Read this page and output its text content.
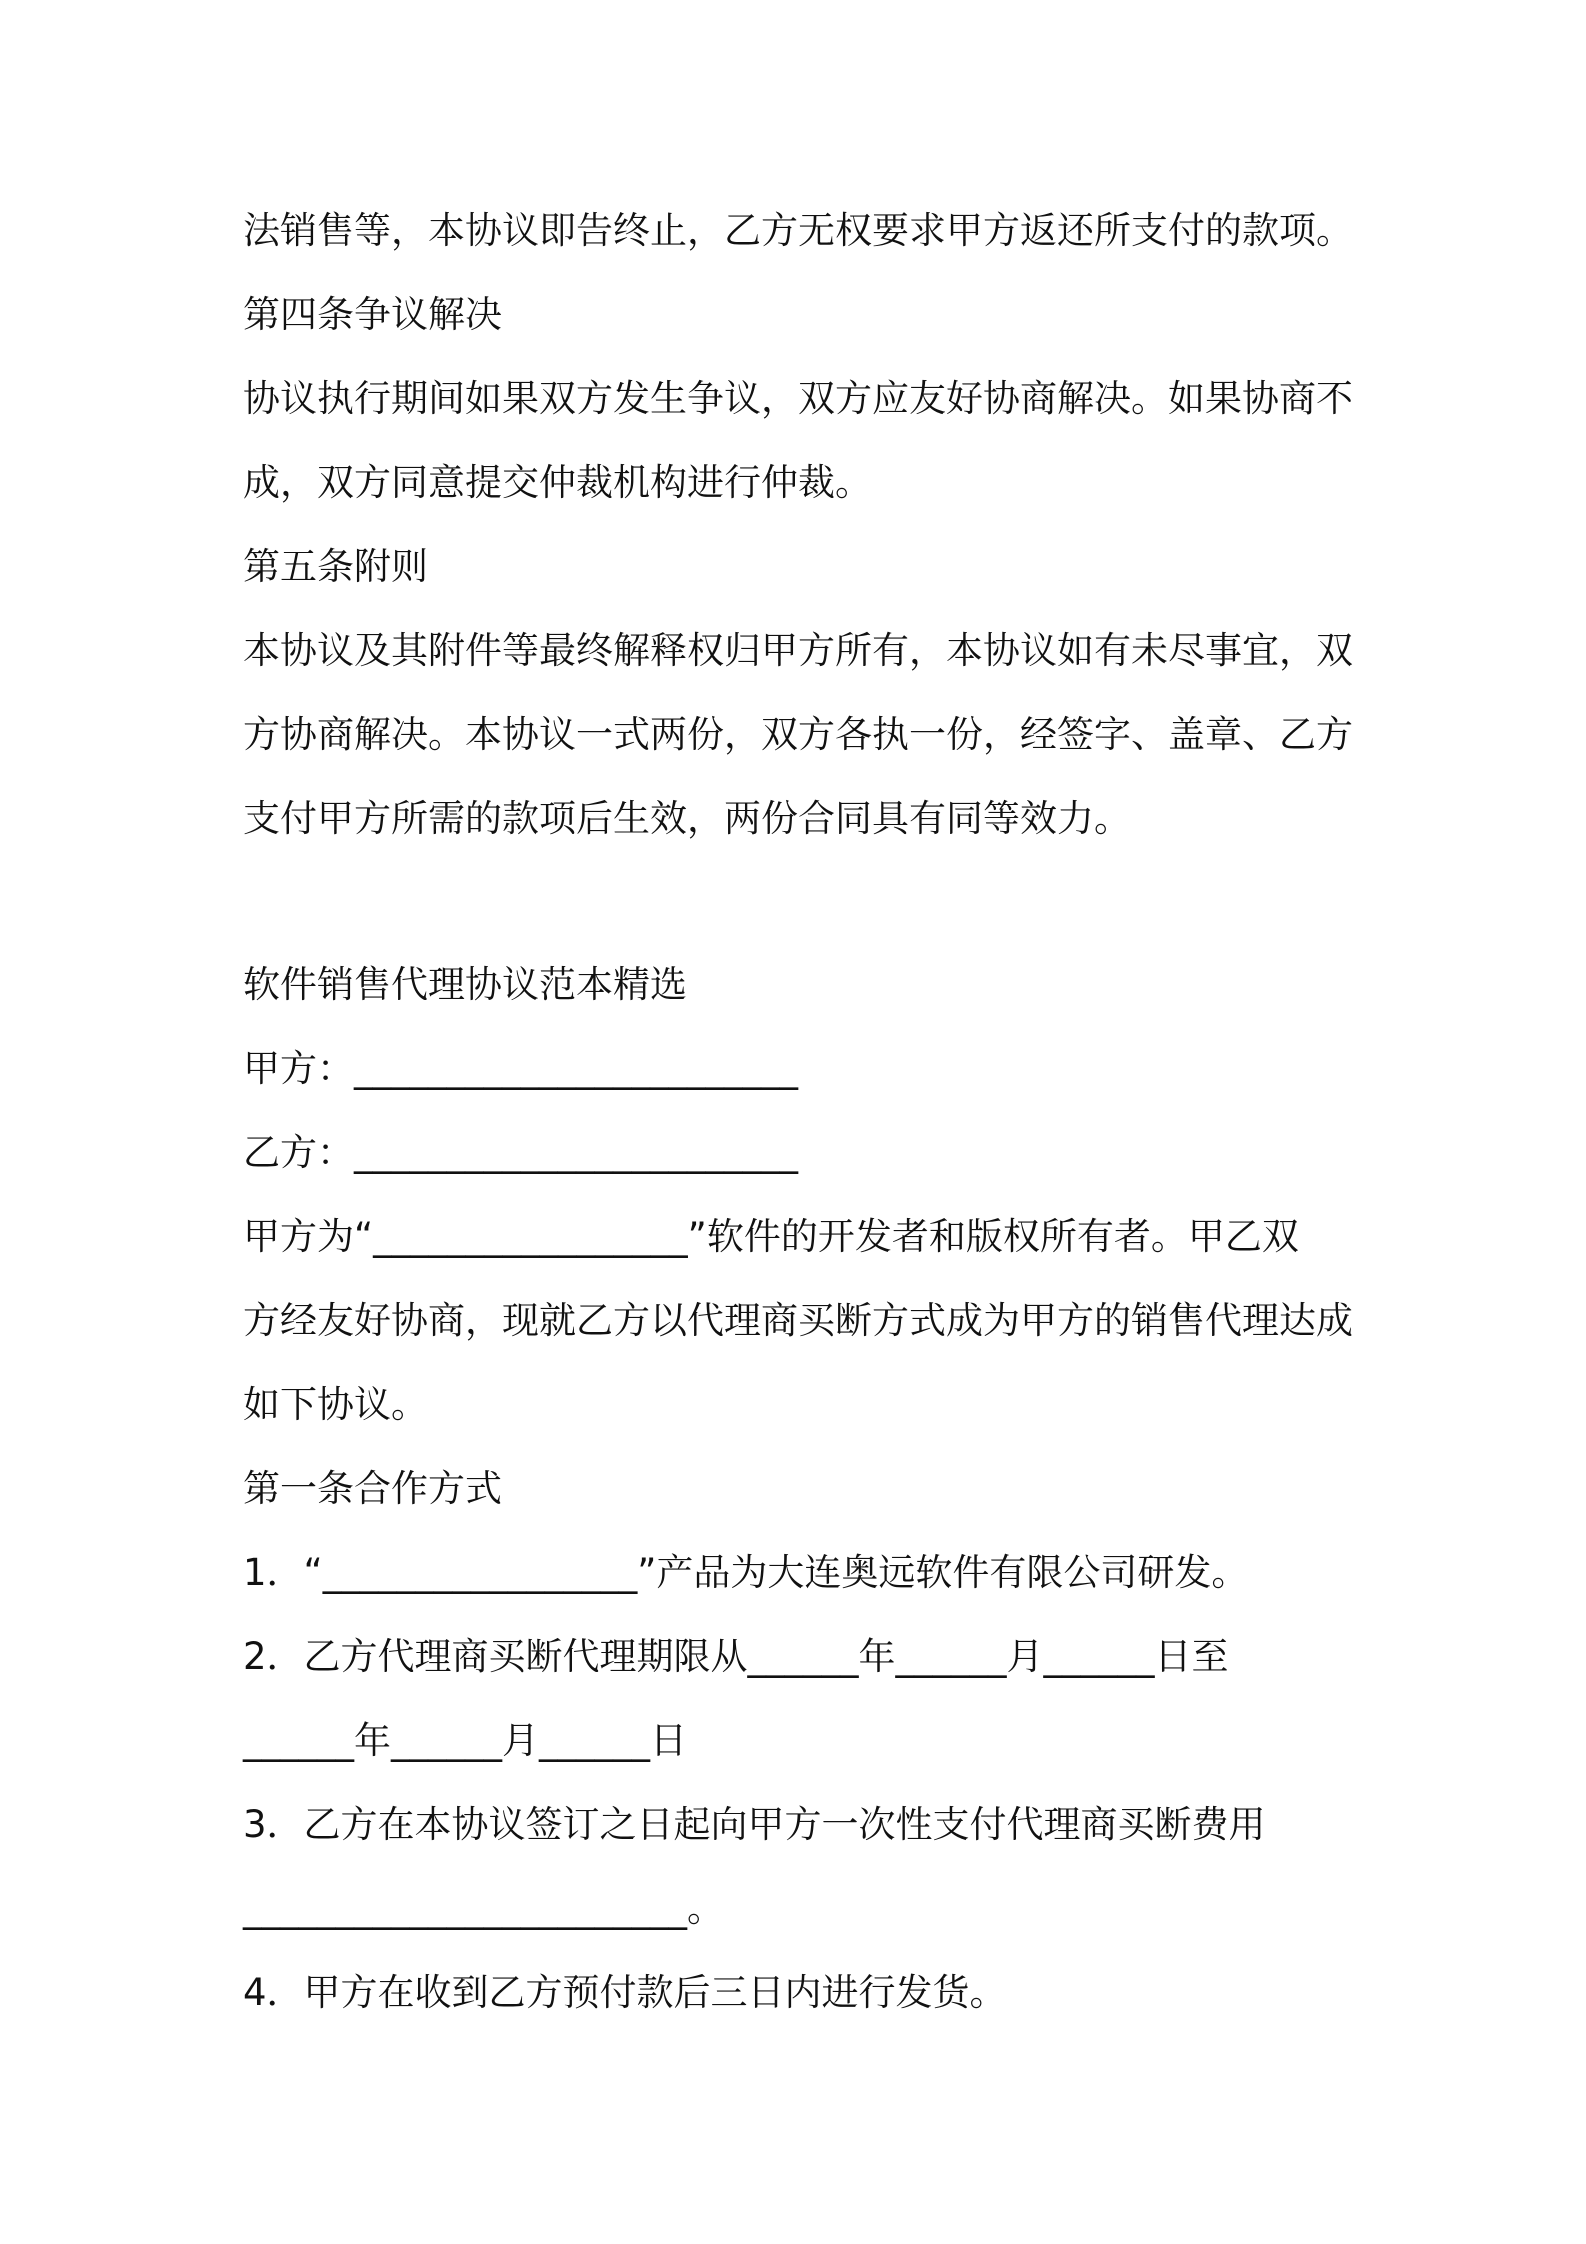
法销售等，本协议即告终止，乙方无权要求甲方返还所支付的款项。
第四条争议解决
协议执行期间如果双方发生争议，双方应友好协商解决。如果协商不
成，双方同意提交仲裁机构进行仲裁。
第五条附则
本协议及其附件等最终解释权归甲方所有，本协议如有未尽事宜，双
方协商解决。本协议一式两份，双方各执一份，经签字、盖章、乙方
支付甲方所需的款项后生效，两份合同具有同等效力。
软件销售代理协议范本精选
甲方：________________________
乙方：________________________
甲方为“_________________”软件的开发者和版权所有者。甲乙双
方经友好协商，现就乙方以代理商买断方式成为甲方的销售代理达成
如下协议。
第一条合作方式
1．“_________________”产品为大连奥远软件有限公司研发。
2．乙方代理商买断代理期限从______年______月______日至
______年______月______日
3．乙方在本协议签订之日起向甲方一次性支付代理商买断费用
________________________。
4．甲方在收到乙方预付款后三日内进行发货。
